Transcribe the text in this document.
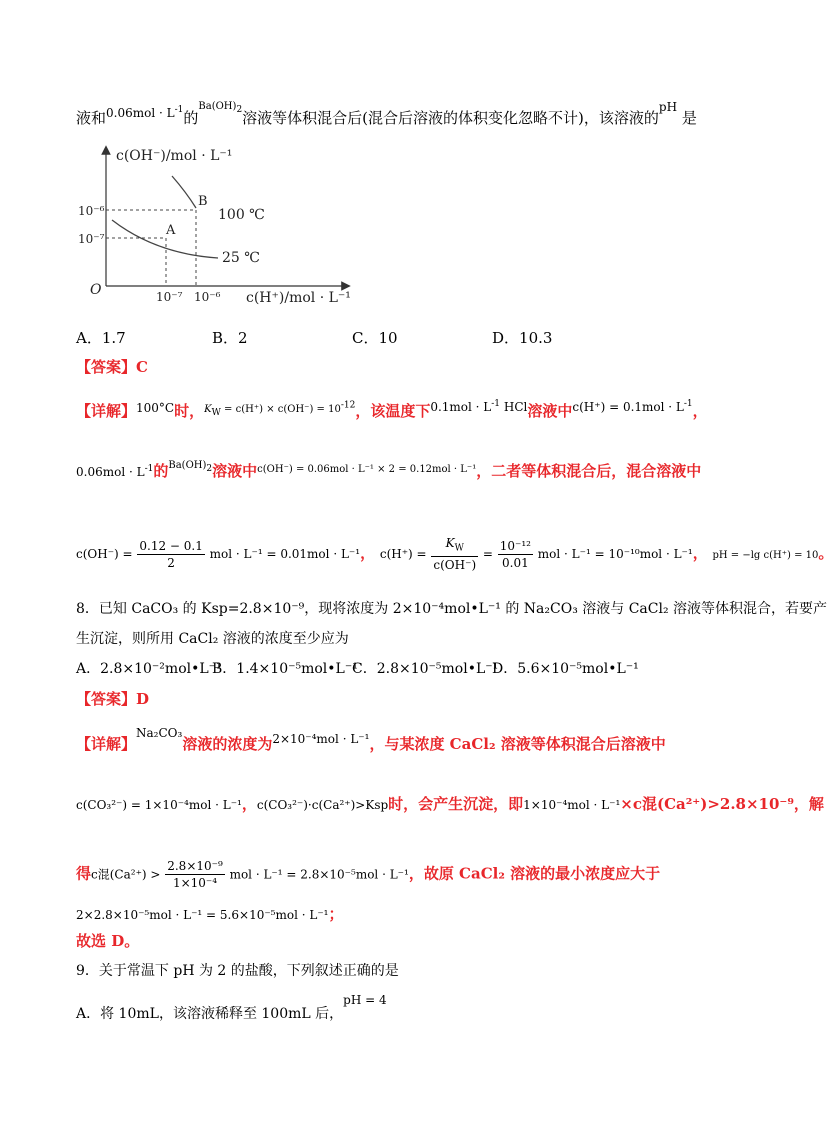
液和$^{0.06mol \cdot L^{-1}}$的$^{Ba(OH)_2}$溶液等体积混合后(混合后溶液的体积变化忽略不计)，该溶液的$^{pH}$ 是
c(OH⁻)/mol · L⁻¹
c(H⁺)/mol · L⁻¹
O
10⁻⁶
10⁻⁷
10⁻⁷ 10⁻⁶
A
B
100 ℃
25 ℃
A．1.7	B．2	C．10	D．10.3
【答案】C
【详解】$^{100^\circ C}$时，$^{K_W = c(H^+) \times c(OH^-) = 10^{-12}}$，该温度下$^{0.1mol \cdot L^{-1} HCl}$溶液中$^{c(H^+) = 0.1mol \cdot L^{-1}}$，
$0.06mol \cdot L^{-1}$的$^{Ba(OH)_2}$溶液中$^{c(OH^-) = 0.06mol \cdot L^{-1} \times 2 = 0.12mol \cdot L^{-1}}$，二者等体积混合后，混合溶液中
$c(OH^-) = \frac{0.12 - 0.1}{2}$ mol · L⁻¹ = 0.01mol · L⁻¹， $c(H^+) = \frac{K_W}{c(OH^-)} = \frac{\text{10⁻¹²}}{0.01}$ mol · L⁻¹ = 10⁻¹⁰mol · L⁻¹， pH = −lg c(H⁺) = 10。
8．已知 CaCO₃ 的 Ksp=2.8×10⁻⁹，现将浓度为 2×10⁻⁴mol•L⁻¹ 的 Na₂CO₃ 溶液与 CaCl₂ 溶液等体积混合，若要产
生沉淀，则所用 CaCl₂ 溶液的浓度至少应为
A．2.8×10⁻²mol•L⁻¹
B．1.4×10⁻⁵mol•L⁻¹
C．2.8×10⁻⁵mol•L⁻¹
D．5.6×10⁻⁵mol•L⁻¹
【答案】D
【详解】$^{Na_2CO_3}$溶液的浓度为$^{2\times 10^{-4}mol \cdot L^{-1}}$，与某浓度 CaCl₂ 溶液等体积混合后溶液中
c(CO₃²⁻) = 1×10⁻⁴mol · L⁻¹，c(CO₃²⁻)·c(Ca²⁺)>Ksp时，会产生沉淀，即1×10⁻⁴mol · L⁻¹×c混(Ca²⁺)>2.8×10⁻⁹，解
得c混$(Ca^{2+}) > \frac{\text{2.8×10⁻⁹}}{\text{1×10⁻⁴}}$ mol · L⁻¹ = 2.8×10⁻⁵mol · L⁻¹，故原 CaCl₂ 溶液的最小浓度应大于
2×2.8×10⁻⁵mol · L⁻¹ = 5.6×10⁻⁵mol · L⁻¹；
故选 D。
9．关于常温下 pH 为 2 的盐酸，下列叙述正确的是
A．将 10mL，该溶液稀释至 100mL 后，pH = 4
